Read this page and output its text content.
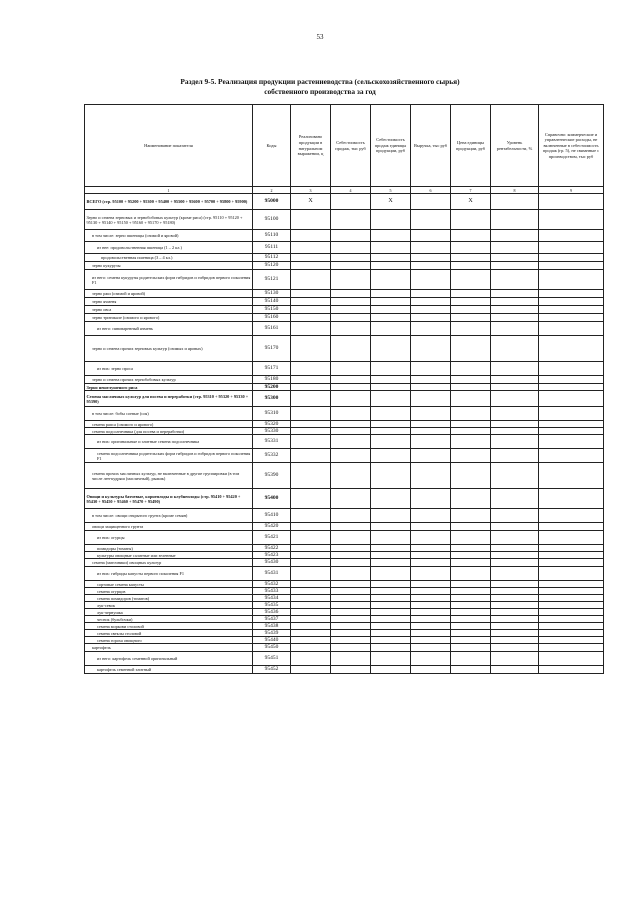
53
Раздел 9-5. Реализация продукции растениеводства (сельскохозяйственного сырья)
собственного производства за год
Наименование показателя	Коды	Реализовано продукции в натуральном выражении, ц	Себестоимость продаж, тыс руб	Себестоимость продаж единицы продукции, руб	Выручка, тыс руб	Цена единицы продукции, руб	Уровень рентабельности, %	Справочно: коммерческие и управленческие расходы, не включенные в себестоимость продаж (гр. 5), не связанные с производством, тыс руб
1	2	3	4	5	6	7	8	9
ВСЕГО (стр. 95100 + 95200 + 95300 + 95400 + 95500 + 95600 + 95700 + 95800 + 95900)	95000	X		X		X		
Зерно и семена зерновых и зернобобовых культур (кроме риса) (стр. 95110 + 95120 + 95130 + 95140 + 95150 + 95160 + 95170 + 95180)	95100							
в том числе: зерно пшеницы (озимой и яровой)	95110							
из нее: продовольственная пшеница (1 – 2 кл.)	95111							
продовольственная пшеница (3 – 4 кл.)	95112							
зерно кукурузы	95120							
из него: семена кукурузы родительских форм гибридов и гибридов первого поколения F1	95121							
зерно ржи (озимой и яровой)	95130							
зерно ячменя	95140							
зерно овса	95150							
зерно тритикале (озимого и ярового)	95160							
из него: пивоваренный ячмень	95161							
зерно и семена прочих зерновых культур (озимых и яровых)	95170							
из них: зерно проса	95171							
зерно и семена прочих зернобобовых культур	95180							
Зерно нешелушеного риса	95200							
Семена масличных культур для посева и переработки (стр. 95310 + 95320 + 95330 + 95390)	95300							
в том числе: бобы соевые (соя)	95310							
семена рапса (озимого и ярового)	95320							
семена подсолнечника (для посева и переработки)	95330							
из них: оригинальные и элитные семена подсолнечника	95331							
семена подсолнечника родительских форм гибридов и гибридов первого поколения F1	95332							
семена прочих масличных культур, не включенные в другие группировки (в том числе лен-кудряш (масличный), рыжик)	95390							
Овощи и культуры бахчевые, корнеплоды и клубнеплоды (стр. 95410 + 95420 + 95430 + 95450 + 95460 + 95470 + 95490)	95400							
в том числе: овощи открытого грунта (кроме семян)	95410							
овощи защищенного грунта	95420							
из них: огурцы	95421							
помидоры (томаты)	95422							
культуры овощные салатные или зеленные	95423							
семена (маточники) овощных культур	95430							
из них: гибриды капусты первого поколения F1	95431							
сортовые семена капусты	95432							
семена огурцов	95433							
семена помидоров (томатов)	95434							
лук-севок	95435							
лук-чернушка	95436							
чеснок (бульбочки)	95437							
семена моркови столовой	95438							
семена свеклы столовой	95439							
семена гороха овощного	95440							
картофель	95450							
из него: картофель семенной оригинальный	95451							
картофель семенной элитный	95452							
